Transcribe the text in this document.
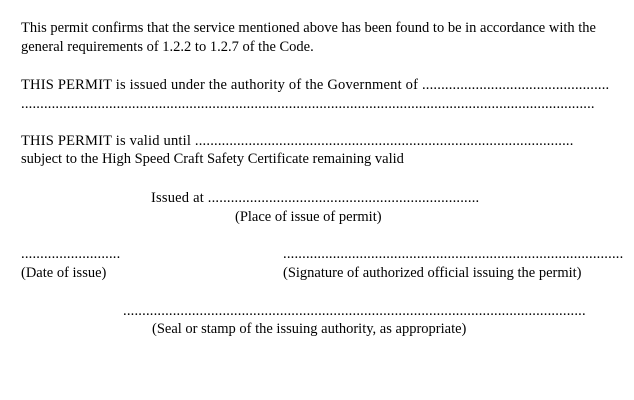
This permit confirms that the service mentioned above has been found to be in accordance with the
general requirements of 1.2.2 to 1.2.7 of the Code.
THIS PERMIT is issued under the authority of the Government of .................................................
......................................................................................................................................................
THIS PERMIT is valid until ...................................................................................................
subject to the High Speed Craft Safety Certificate remaining valid
Issued at .......................................................................
(Place of issue of permit)
..........................
(Date of issue)
.........................................................................................
(Signature of authorized official issuing the permit)
.........................................................................................................................
(Seal or stamp of the issuing authority, as appropriate)
